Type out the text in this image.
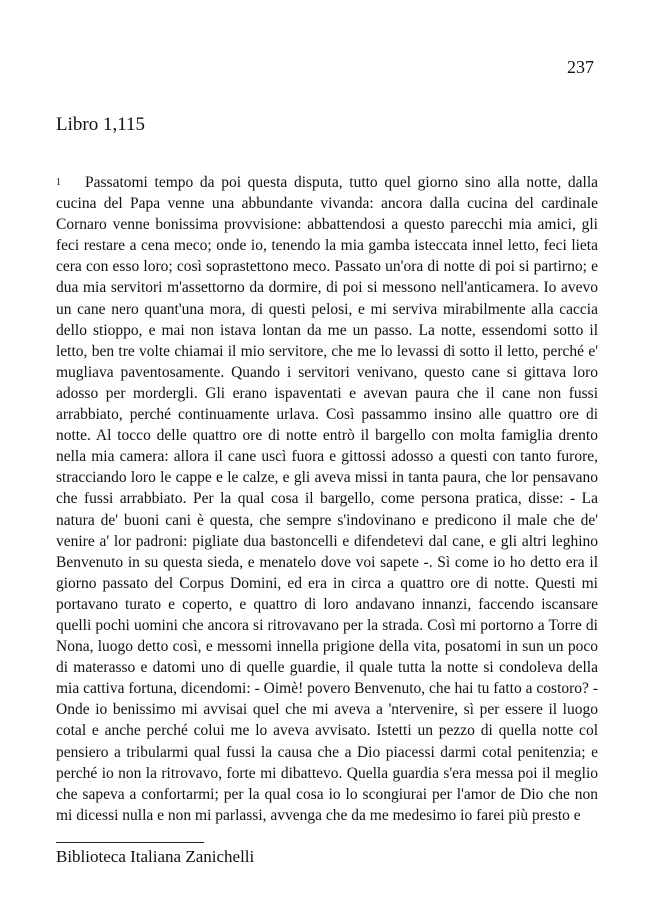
237
Libro 1,115

1 Passatomi tempo da poi questa disputa, tutto quel giorno sino alla notte, dalla cucina del Papa venne una abbundante vivanda: ancora dalla cucina del cardinale Cornaro venne bonissima provvisione: abbattendosi a questo parecchi mia amici, gli feci restare a cena meco; onde io, tenendo la mia gamba isteccata innel letto, feci lieta cera con esso loro; così soprastettono meco. Passato un'ora di notte di poi si partirno; e dua mia servitori m'assettorno da dormire, di poi si messono nell'anticamera. Io avevo un cane nero quant'una mora, di questi pelosi, e mi serviva mirabilmente alla caccia dello stioppo, e mai non istava lontan da me un passo. La notte, essendomi sotto il letto, ben tre volte chiamai il mio servitore, che me lo levassi di sotto il letto, perché e' mugliava paventosamente. Quando i servitori venivano, questo cane si gittava loro adosso per mordergli. Gli erano ispaventati e avevan paura che il cane non fussi arrabbiato, perché continuamente urlava. Così passammo insino alle quattro ore di notte. Al tocco delle quattro ore di notte entrò il bargello con molta famiglia drento nella mia camera: allora il cane uscì fuora e gittossi adosso a questi con tanto furore, stracciando loro le cappe e le calze, e gli aveva missi in tanta paura, che lor pensavano che fussi arrabbiato. Per la qual cosa il bargello, come persona pratica, disse: - La natura de' buoni cani è questa, che sempre s'indovinano e predicono il male che de' venire a' lor padroni: pigliate dua bastoncelli e difendetevi dal cane, e gli altri leghino Benvenuto in su questa sieda, e menatelo dove voi sapete -. Sì come io ho detto era il giorno passato del Corpus Domini, ed era in circa a quattro ore di notte. Questi mi portavano turato e coperto, e quattro di loro andavano innanzi, faccendo iscansare quelli pochi uomini che ancora si ritrovavano per la strada. Così mi portorno a Torre di Nona, luogo detto così, e messomi innella prigione della vita, posatomi in sun un poco di materasso e datomi uno di quelle guardie, il quale tutta la notte si condoleva della mia cattiva fortuna, dicendomi: - Oimè! povero Benvenuto, che hai tu fatto a costoro? - Onde io benissimo mi avvisai quel che mi aveva a 'ntervenire, sì per essere il luogo cotal e anche perché colui me lo aveva avvisato. Istetti un pezzo di quella notte col pensiero a tribularmi qual fussi la causa che a Dio piacessi darmi cotal penitenzia; e perché io non la ritrovavo, forte mi dibattevo. Quella guardia s'era messa poi il meglio che sapeva a confortarmi; per la qual cosa io lo scongiurai per l'amor de Dio che non mi dicessi nulla e non mi parlassi, avvenga che da me medesimo io farei più presto e

Biblioteca Italiana Zanichelli
